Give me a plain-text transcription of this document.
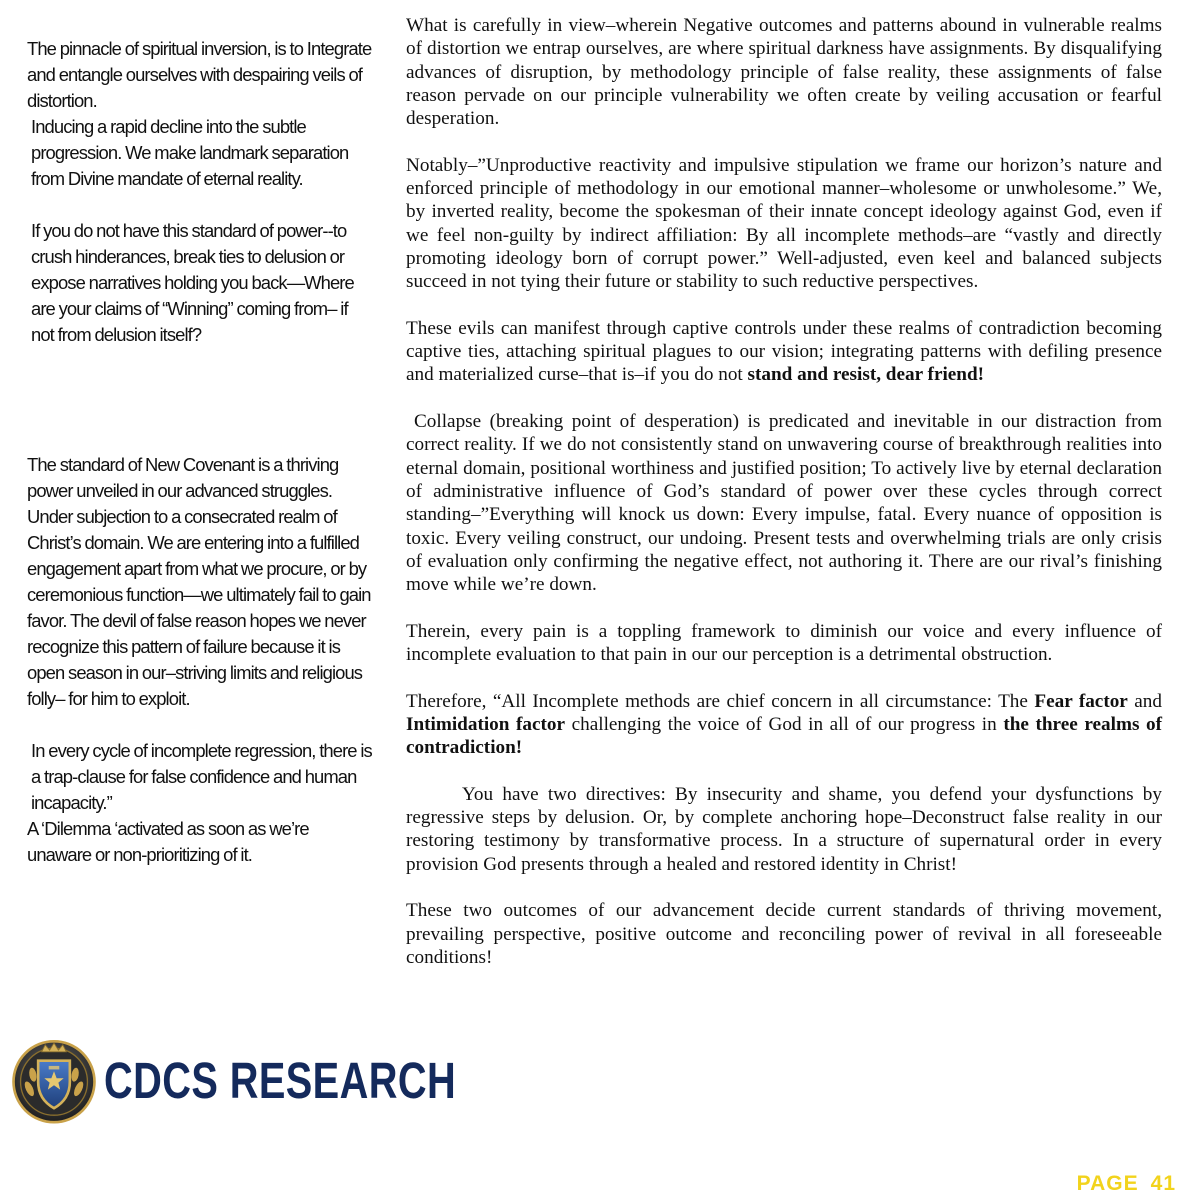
The pinnacle of spiritual inversion, is to Integrate and entangle ourselves with despairing veils of distortion.

Inducing a rapid decline into the subtle progression. We make landmark separation from Divine mandate of eternal reality.

If you do not have this standard of power--to crush hinderances, break ties to delusion or expose narratives holding you back—Where are your claims of “Winning” coming from– if not from delusion itself?

The standard of New Covenant is a thriving power unveiled in our advanced struggles. Under subjection to a consecrated realm of Christ’s domain. We are entering into a fulfilled engagement apart from what we procure, or by ceremonious function—we ultimately fail to gain favor. The devil of false reason hopes we never recognize this pattern of failure because it is open season in our–striving limits and religious folly– for him to exploit.

In every cycle of incomplete regression, there is a trap-clause for false confidence and human incapacity.”

A ‘Dilemma ‘activated as soon as we’re unaware or non-prioritizing of it.

What is carefully in view–wherein Negative outcomes and patterns abound in vulnerable realms of distortion we entrap ourselves, are where spiritual darkness have assignments. By disqualifying advances of disruption, by methodology principle of false reality, these assignments of false reason pervade on our principle vulnerability we often create by veiling accusation or fearful desperation.

Notably–”Unproductive reactivity and impulsive stipulation we frame our horizon’s nature and enforced principle of methodology in our emotional manner–wholesome or unwholesome.” We, by inverted reality, become the spokesman of their innate concept ideology against God, even if we feel non-guilty by indirect affiliation: By all incomplete methods–are “vastly and directly promoting ideology born of corrupt power.” Well-adjusted, even keel and balanced subjects succeed in not tying their future or stability to such reductive perspectives.

These evils can manifest through captive controls under these realms of contradiction becoming captive ties, attaching spiritual plagues to our vision; integrating patterns with defiling presence and materialized curse–that is–if you do not stand and resist, dear friend!

Collapse (breaking point of desperation) is predicated and inevitable in our distraction from correct reality. If we do not consistently stand on unwavering course of breakthrough realities into eternal domain, positional worthiness and justified position; To actively live by eternal declaration of administrative influence of God’s standard of power over these cycles through correct standing–”Everything will knock us down: Every impulse, fatal. Every nuance of opposition is toxic. Every veiling construct, our undoing. Present tests and overwhelming trials are only crisis of evaluation only confirming the negative effect, not authoring it. There are our rival’s finishing move while we’re down.

Therein, every pain is a toppling framework to diminish our voice and every influence of incomplete evaluation to that pain in our our perception is a detrimental obstruction.

Therefore, “All Incomplete methods are chief concern in all circumstance: The Fear factor and Intimidation factor challenging the voice of God in all of our progress in the three realms of contradiction!

You have two directives: By insecurity and shame, you defend your dysfunctions by regressive steps by delusion. Or, by complete anchoring hope–Deconstruct false reality in our restoring testimony by transformative process. In a structure of supernatural order in every provision God presents through a healed and restored identity in Christ!

These two outcomes of our advancement decide current standards of thriving movement, prevailing perspective, positive outcome and reconciling power of revival in all foreseeable conditions!

CDCS RESEARCH
PAGE 41
